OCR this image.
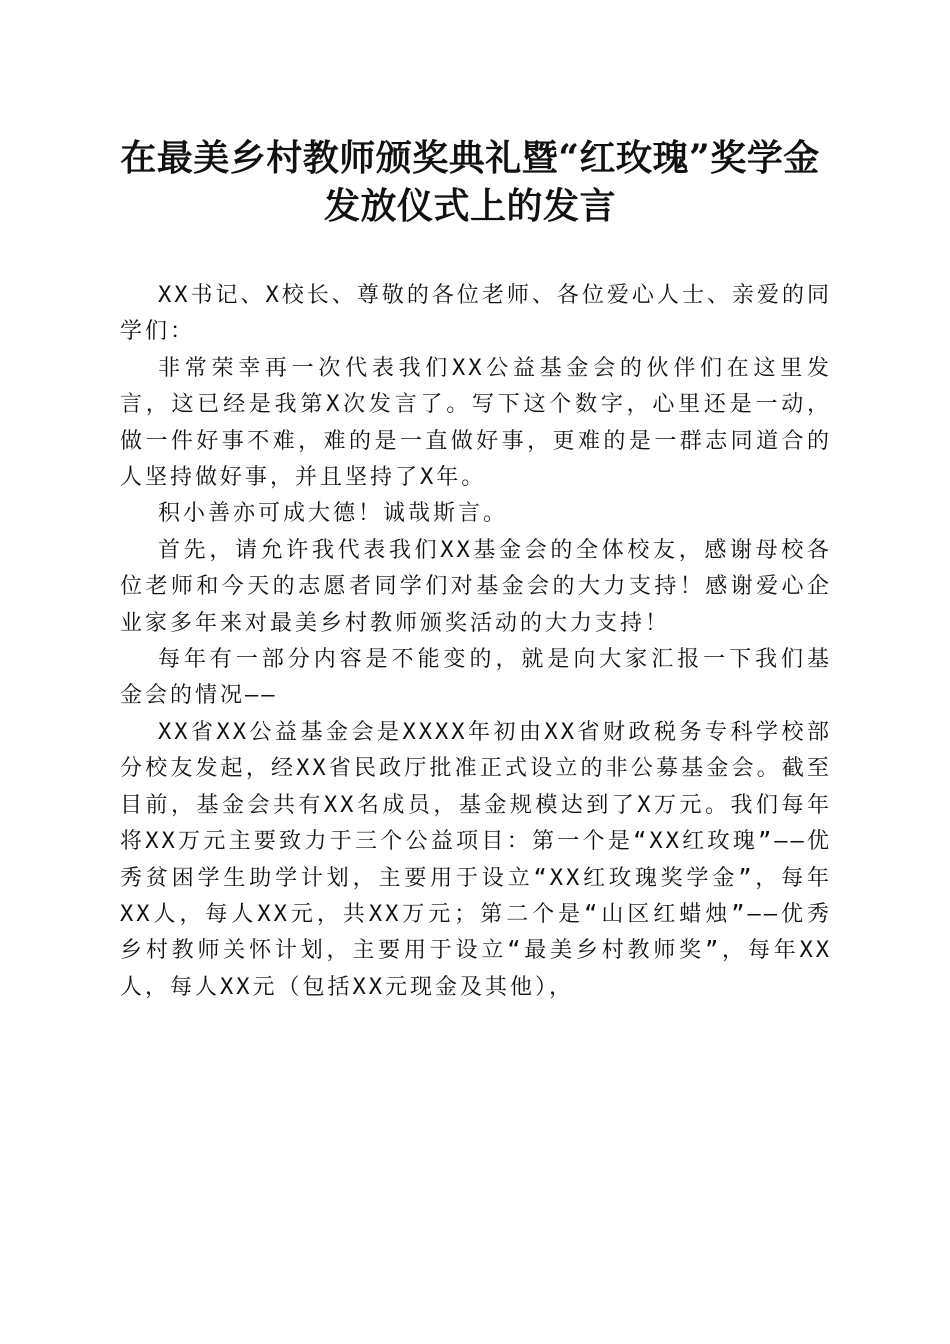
在最美乡村教师颁奖典礼暨“红玫瑰”奖学金
发放仪式上的发言

XX书记、X校长、尊敬的各位老师、各位爱心人士、亲爱的同学们：

非常荣幸再一次代表我们XX公益基金会的伙伴们在这里发言，这已经是我第X次发言了。写下这个数字，心里还是一动，做一件好事不难，难的是一直做好事，更难的是一群志同道合的人坚持做好事，并且坚持了X年。

积小善亦可成大德！诚哉斯言。

首先，请允许我代表我们XX基金会的全体校友，感谢母校各位老师和今天的志愿者同学们对基金会的大力支持！感谢爱心企业家多年来对最美乡村教师颁奖活动的大力支持！

每年有一部分内容是不能变的，就是向大家汇报一下我们基金会的情况——

XX省XX公益基金会是XXXX年初由XX省财政税务专科学校部分校友发起，经XX省民政厅批准正式设立的非公募基金会。截至目前，基金会共有XX名成员，基金规模达到了X万元。我们每年将XX万元主要致力于三个公益项目：第一个是“XX红玫瑰”——优秀贫困学生助学计划，主要用于设立“XX红玫瑰奖学金”，每年XX人，每人XX元，共XX万元；第二个是“山区红蜡烛”——优秀乡村教师关怀计划，主要用于设立“最美乡村教师奖”，每年XX人，每人XX元（包括XX元现金及其他），
